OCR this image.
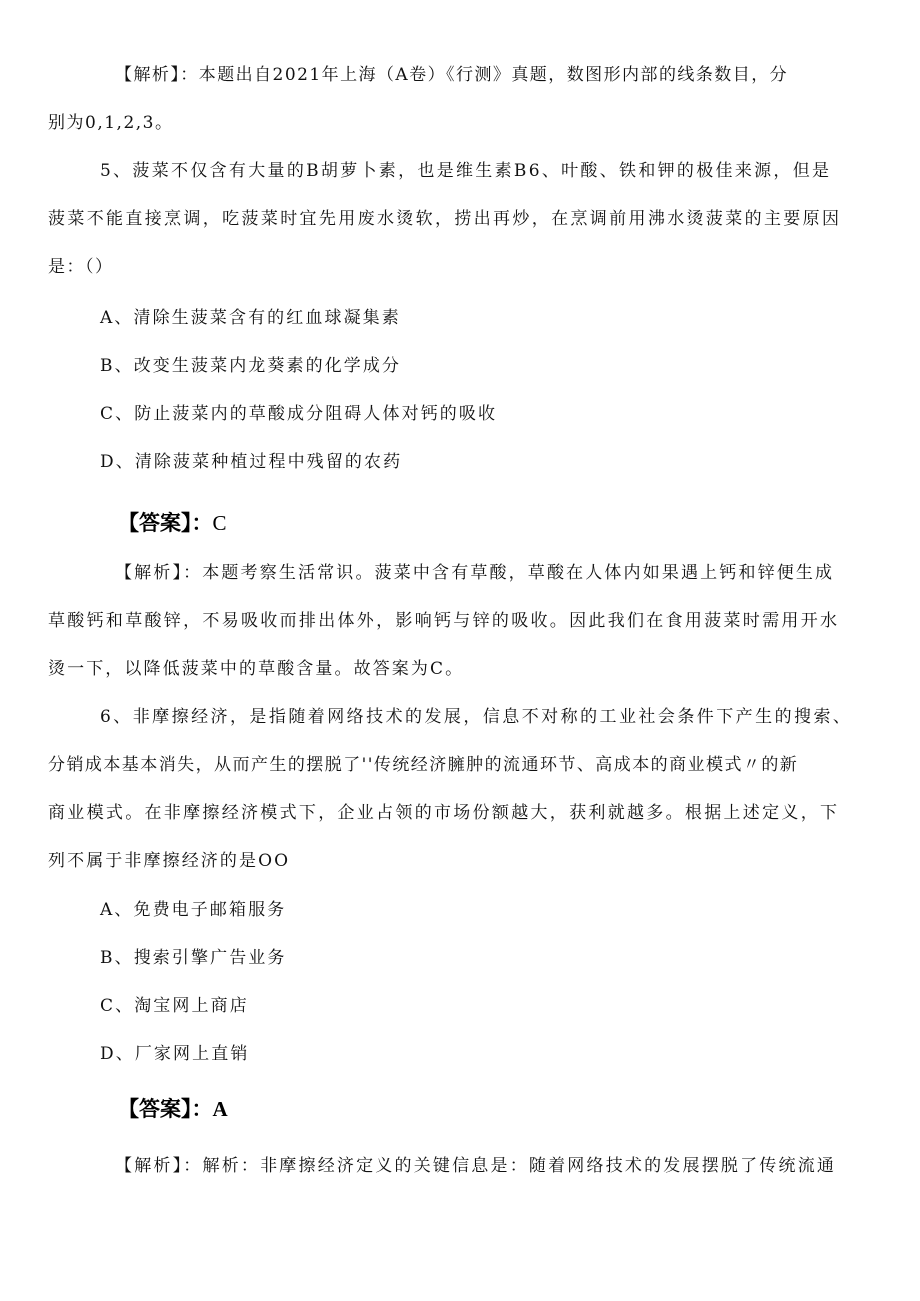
【解析】：本题出自2021年上海（A卷）《行测》真题，数图形内部的线条数目，分
别为0,1,2,3。
5、菠菜不仅含有大量的B胡萝卜素，也是维生素B6、叶酸、铁和钾的极佳来源，但是
菠菜不能直接烹调，吃菠菜时宜先用废水烫软，捞出再炒，在烹调前用沸水烫菠菜的主要原因
是：（）
A、清除生菠菜含有的红血球凝集素
B、改变生菠菜内龙葵素的化学成分
C、防止菠菜内的草酸成分阻碍人体对钙的吸收
D、清除菠菜种植过程中残留的农药
【答案】：C
【解析】：本题考察生活常识。菠菜中含有草酸，草酸在人体内如果遇上钙和锌便生成
草酸钙和草酸锌，不易吸收而排出体外，影响钙与锌的吸收。因此我们在食用菠菜时需用开水
烫一下，以降低菠菜中的草酸含量。故答案为C。
6、非摩擦经济，是指随着网络技术的发展，信息不对称的工业社会条件下产生的搜索、
分销成本基本消失，从而产生的摆脱了''传统经济臃肿的流通环节、高成本的商业模式〃的新
商业模式。在非摩擦经济模式下，企业占领的市场份额越大，获利就越多。根据上述定义，下
列不属于非摩擦经济的是OO
A、免费电子邮箱服务
B、搜索引擎广告业务
C、淘宝网上商店
D、厂家网上直销
【答案】：A
【解析】：解析：非摩擦经济定义的关键信息是：随着网络技术的发展摆脱了传统流通
